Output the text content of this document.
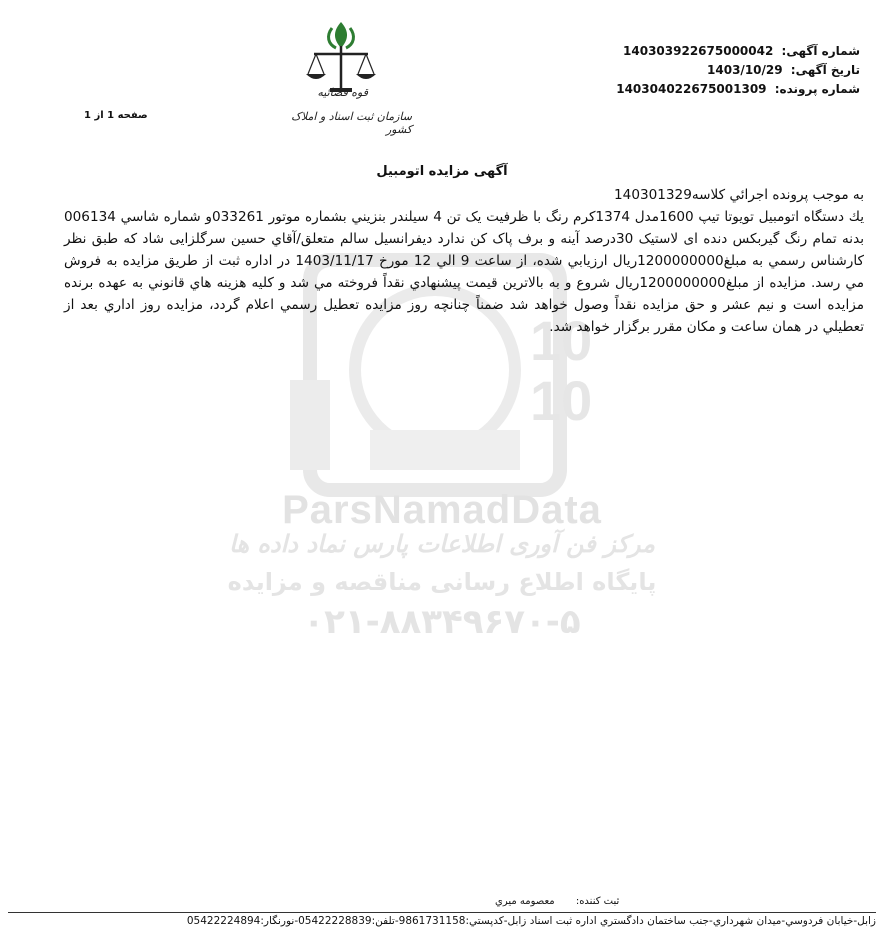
10
10
ParsNamadData
مرکز فن آوری اطلاعات پارس نماد داده ها
پایگاه اطلاع رسانی مناقصه و مزایده
۰۲۱-۸۸۳۴۹۶۷۰-۵
قوه قضائیه
سازمان ثبت اسناد و املاک کشور
شماره آگهی: 140303922675000042
تاریخ آگهی: 1403/10/29
شماره پرونده: 140304022675001309
صفحه 1 از 1
آگهی مزایده اتومبیل

به موجب پرونده اجرائي كلاسه140301329

يك دستگاه اتومبيل تويوتا تيپ 1600مدل 1374كرم رنگ با ظرفيت يک تن 4 سيلندر بنزيني بشماره موتور 033261و شماره شاسي 006134 بدنه تمام رنگ گيربکس دنده اى لاستيک 30درصد آينه و برف پاک کن ندارد ديفرانسيل سالم متعلق/آقاي حسين سرگلزايى شاد كه طبق نظر كارشناس رسمي به مبلغ1200000000ريال ارزيابي شده، از ساعت 9 الي 12 مورخ 1403/11/17 در اداره ثبت از طريق مزايده به فروش مي رسد. مزايده از مبلغ1200000000ريال شروع و به بالاترين قيمت پيشنهادي نقداً فروخته مي شد و كليه هزينه هاي قانوني به عهده برنده مزايده است و نيم عشر و حق مزايده نقداً وصول خواهد شد ضمناً چنانچه روز مزايده تعطيل رسمي اعلام گردد، مزايده روز اداري بعد از تعطيلي در همان ساعت و مكان مقرر برگزار خواهد شد.

ثبت كننده: معصومه ميري
زابل-خيابان فردوسي-ميدان شهرداري-جنب ساختمان دادگستري اداره ثبت اسناد زابل-كدپستي:9861731158-تلفن:05422228839-نورنگار:05422224894
